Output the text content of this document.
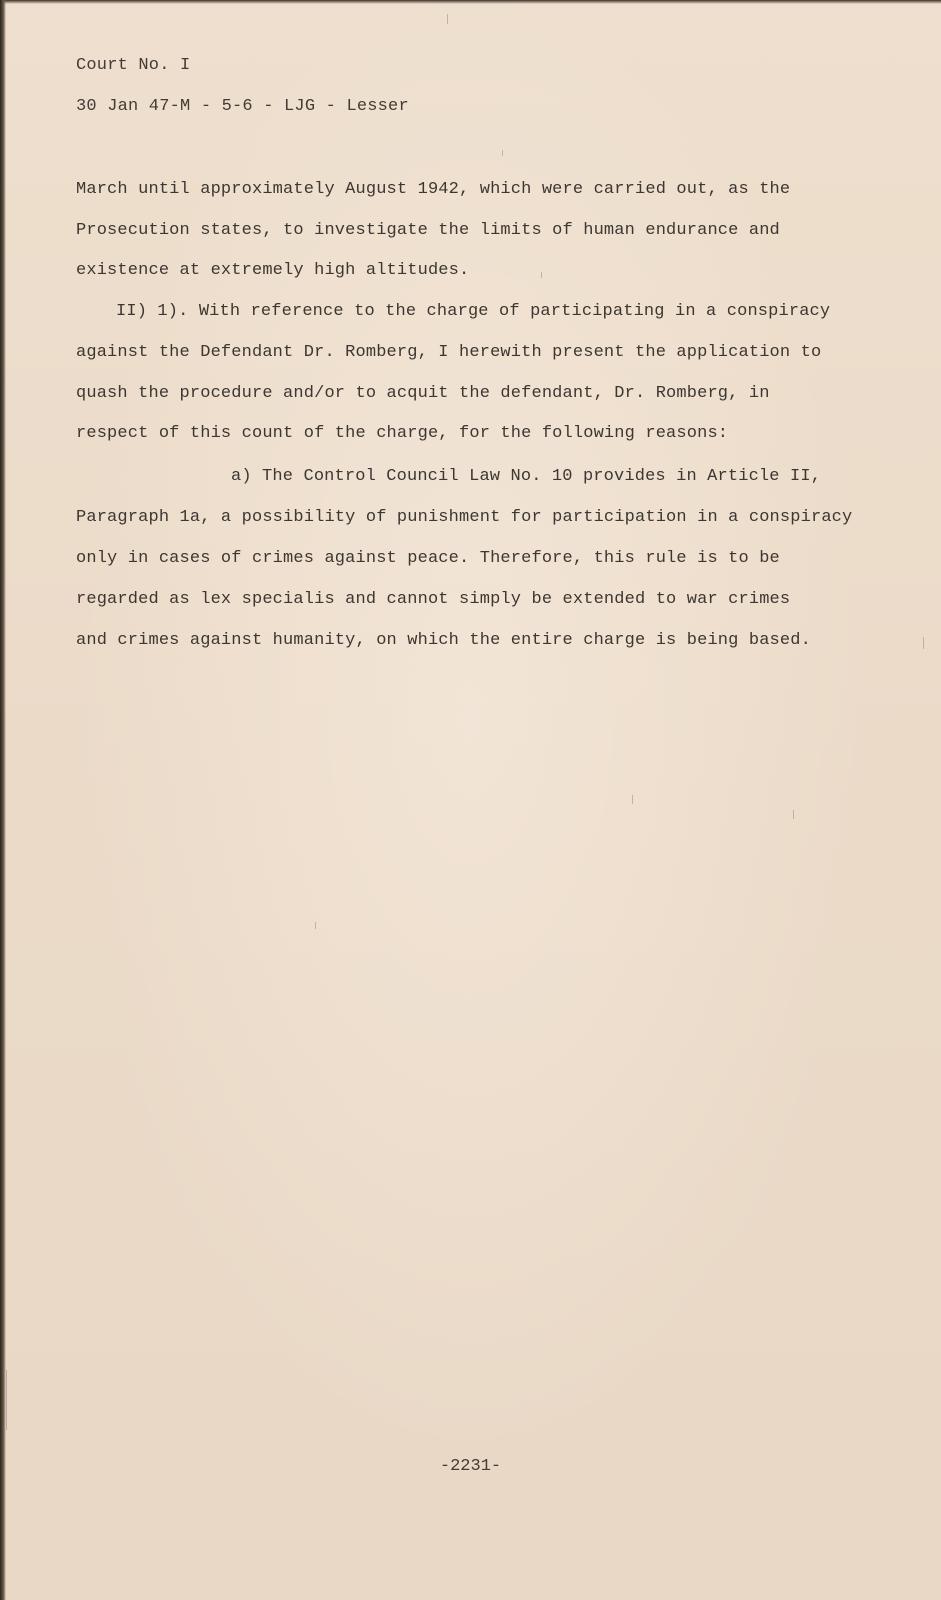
Court No. I
30 Jan 47-M - 5-6 - LJG - Lesser
March until approximately August 1942, which were carried out, as the
Prosecution states, to investigate the limits of human endurance and
existence at extremely high altitudes.
II) 1). With reference to the charge of participating in a conspiracy
against the Defendant Dr. Romberg, I herewith present the application to
quash the procedure and/or to acquit the defendant, Dr. Romberg, in
respect of this count of the charge, for the following reasons:
a) The Control Council Law No. 10 provides in Article II,
Paragraph 1a, a possibility of punishment for participation in a conspiracy
only in cases of crimes against peace. Therefore, this rule is to be
regarded as lex specialis and cannot simply be extended to war crimes
and crimes against humanity, on which the entire charge is being based.
-2231-
